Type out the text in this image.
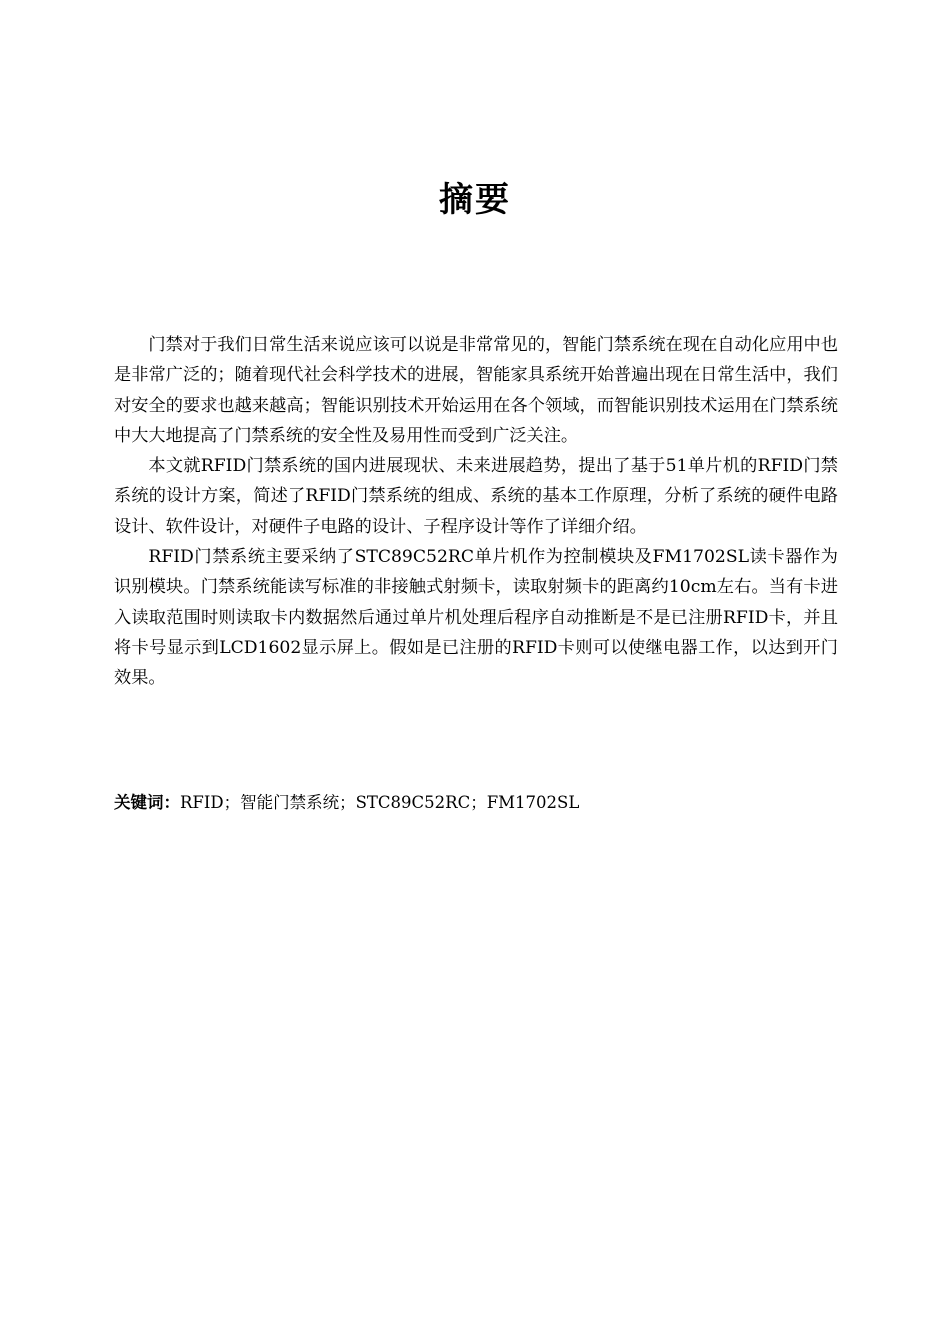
摘要

门禁对于我们日常生活来说应该可以说是非常常见的，智能门禁系统在现在自动化应用中也是非常广泛的；随着现代社会科学技术的进展，智能家具系统开始普遍出现在日常生活中，我们对安全的要求也越来越高；智能识别技术开始运用在各个领域，而智能识别技术运用在门禁系统中大大地提高了门禁系统的安全性及易用性而受到广泛关注。

本文就RFID门禁系统的国内进展现状、未来进展趋势，提出了基于51单片机的RFID门禁系统的设计方案，简述了RFID门禁系统的组成、系统的基本工作原理，分析了系统的硬件电路设计、软件设计，对硬件子电路的设计、子程序设计等作了详细介绍。

RFID门禁系统主要采纳了STC89C52RC单片机作为控制模块及FM1702SL读卡器作为识别模块。门禁系统能读写标准的非接触式射频卡，读取射频卡的距离约10cm左右。当有卡进入读取范围时则读取卡内数据然后通过单片机处理后程序自动推断是不是已注册RFID卡，并且将卡号显示到LCD1602显示屏上。假如是已注册的RFID卡则可以使继电器工作，以达到开门效果。

关键词：RFID；智能门禁系统；STC89C52RC；FM1702SL
